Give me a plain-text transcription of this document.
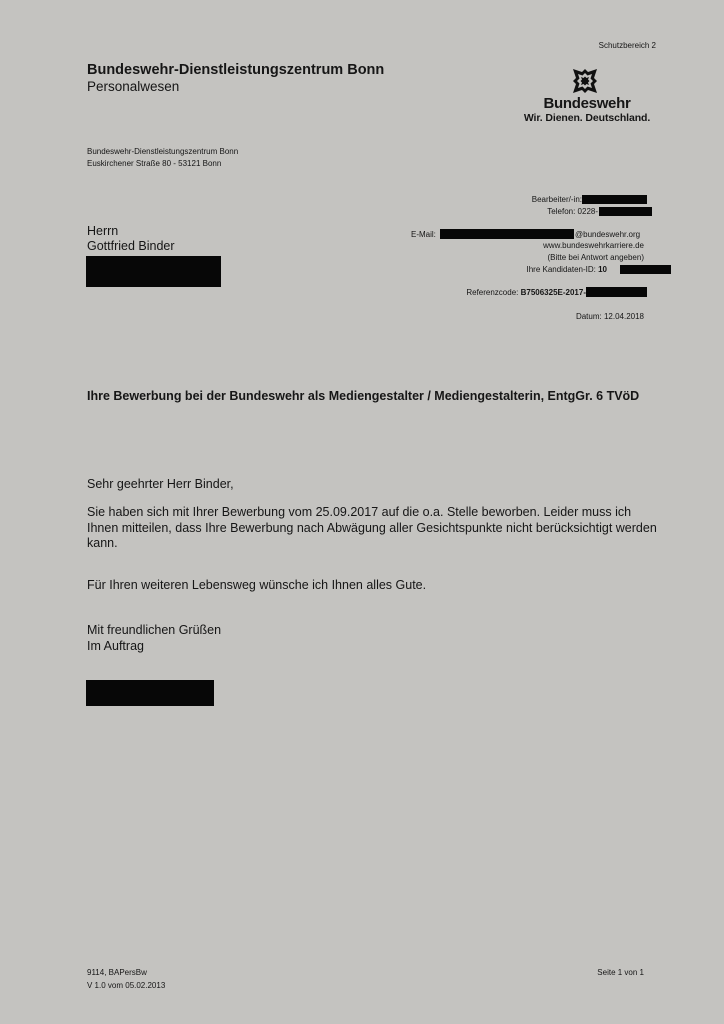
Schutzbereich 2
Bundeswehr-Dienstleistungszentrum Bonn
Personalwesen
Bundeswehr
Wir. Dienen. Deutschland.
Bundeswehr-Dienstleistungszentrum Bonn
Euskirchener Straße 80 - 53121 Bonn
Herrn
Gottfried Binder
Bearbeiter/-in:
Telefon: 0228-
E-Mail:	@bundeswehr.org
www.bundeswehrkarriere.de
(Bitte bei Antwort angeben)
Ihre Kandidaten-ID: 10
Referenzcode: B7506325E-2017-
Datum: 12.04.2018
Ihre Bewerbung bei der Bundeswehr als Mediengestalter / Mediengestalterin, EntgGr. 6 TVöD
Sehr geehrter Herr Binder,
Sie haben sich mit Ihrer Bewerbung vom 25.09.2017 auf die o.a. Stelle beworben. Leider muss ich Ihnen mitteilen, dass Ihre Bewerbung nach Abwägung aller Gesichtspunkte nicht berücksichtigt werden kann.
Für Ihren weiteren Lebensweg wünsche ich Ihnen alles Gute.
Mit freundlichen Grüßen
Im Auftrag
9114, BAPersBw
V 1.0 vom 05.02.2013
Seite 1 von 1
